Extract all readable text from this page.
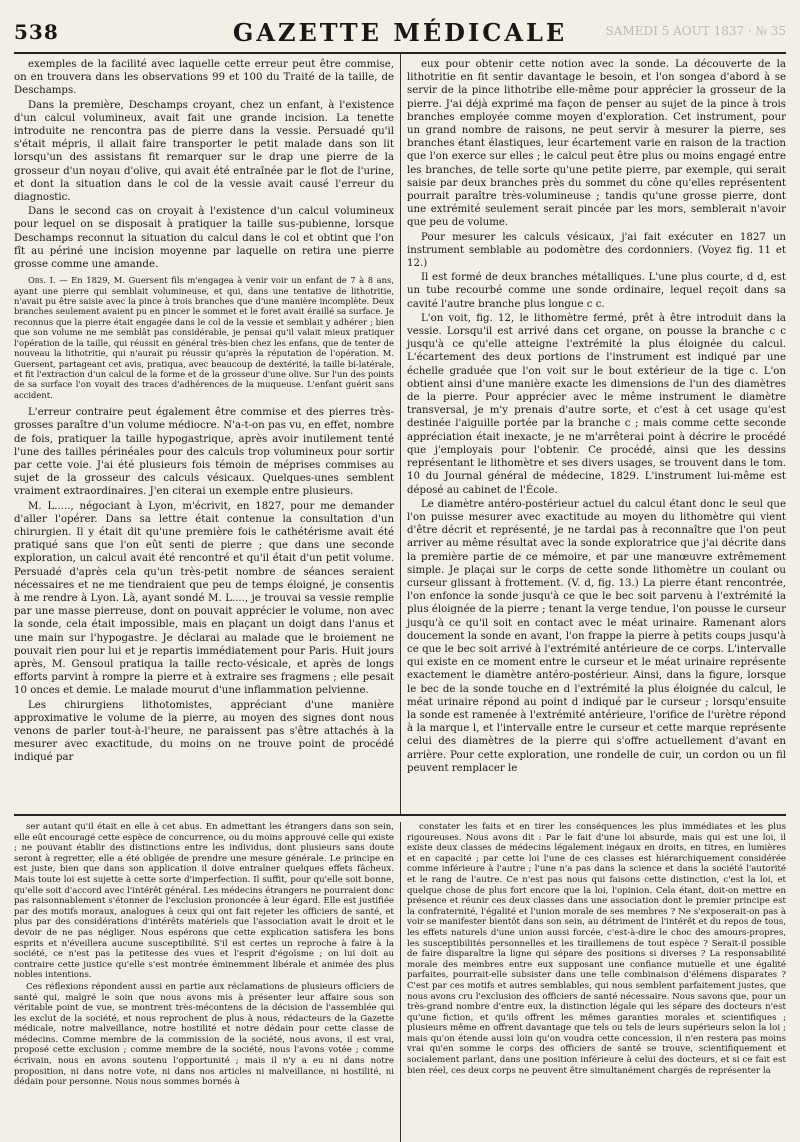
538	GAZETTE MÉDICALE	SAMEDI 5 AOUT 1837 · № 35

exemples de la facilité avec laquelle cette erreur peut être commise, on en trouvera dans les observations 99 et 100 du Traité de la taille, de Deschamps.

Dans la première, Deschamps croyant, chez un enfant, à l'existence d'un calcul volumineux, avait fait une grande incision. La tenette introduite ne rencontra pas de pierre dans la vessie. Persuadé qu'il s'était mépris, il allait faire transporter le petit malade dans son lit lorsqu'un des assistans fit remarquer sur le drap une pierre de la grosseur d'un noyau d'olive, qui avait été entraînée par le flot de l'urine, et dont la situation dans le col de la vessie avait causé l'erreur du diagnostic.

Dans le second cas on croyait à l'existence d'un calcul volumineux pour lequel on se disposait à pratiquer la taille sus-pubienne, lorsque Deschamps reconnut la situation du calcul dans le col et obtint que l'on fît au périné une incision moyenne par laquelle on retira une pierre grosse comme une amande.

Obs. I. — En 1829, M. Guersent fils m'engagea à venir voir un enfant de 7 à 8 ans, ayant une pierre qui semblait volumineuse, et qui, dans une tentative de lithotritie, n'avait pu être saisie avec la pince à trois branches que d'une manière incomplète. Deux branches seulement avaient pu en pincer le sommet et le foret avait éraillé sa surface. Je reconnus que la pierre était engagée dans le col de la vessie et semblait y adhérer ; bien que son volume ne me semblât pas considérable, je pensai qu'il valait mieux pratiquer l'opération de la taille, qui réussit en général très-bien chez les enfans, que de tenter de nouveau la lithotritie, qui n'aurait pu réussir qu'après la réputation de l'opération. M. Guersent, partageant cet avis, pratiqua, avec beaucoup de dextérité, la taille bi-latérale, et fit l'extraction d'un calcul de la forme et de la grosseur d'une olive. Sur l'un des points de sa surface l'on voyait des traces d'adhérences de la muqueuse. L'enfant guérit sans accident.

L'erreur contraire peut également être commise et des pierres très-grosses paraître d'un volume médiocre. N'a-t-on pas vu, en effet, nombre de fois, pratiquer la taille hypogastrique, après avoir inutilement tenté l'une des tailles périnéales pour des calculs trop volumineux pour sortir par cette voie. J'ai été plusieurs fois témoin de méprises commises au sujet de la grosseur des calculs vésicaux. Quelques-unes semblent vraiment extraordinaires. J'en citerai un exemple entre plusieurs.

M. L....., négociant à Lyon, m'écrivit, en 1827, pour me demander d'aller l'opérer. Dans sa lettre était contenue la consultation d'un chirurgien. Il y était dit qu'une première fois le cathétérisme avait été pratiqué sans que l'on eût senti de pierre ; que dans une seconde exploration, un calcul avait été rencontré et qu'il était d'un petit volume. Persuadé d'après cela qu'un très-petit nombre de séances seraient nécessaires et ne me tiendraient que peu de temps éloigné, je consentis à me rendre à Lyon. Là, ayant sondé M. L...., je trouvai sa vessie remplie par une masse pierreuse, dont on pouvait apprécier le volume, non avec la sonde, cela était impossible, mais en plaçant un doigt dans l'anus et une main sur l'hypogastre. Je déclarai au malade que le broiement ne pouvait rien pour lui et je repartis immédiatement pour Paris. Huit jours après, M. Gensoul pratiqua la taille recto-vésicale, et après de longs efforts parvint à rompre la pierre et à extraire ses fragmens ; elle pesait 10 onces et demie. Le malade mourut d'une inflammation pelvienne.

Les chirurgiens lithotomistes, appréciant d'une manière approximative le volume de la pierre, au moyen des signes dont nous venons de parler tout-à-l'heure, ne paraissent pas s'être attachés à la mesurer avec exactitude, du moins on ne trouve point de procédé indiqué par

eux pour obtenir cette notion avec la sonde. La découverte de la lithotritie en fit sentir davantage le besoin, et l'on songea d'abord à se servir de la pince lithotribe elle-même pour apprécier la grosseur de la pierre. J'ai déjà exprimé ma façon de penser au sujet de la pince à trois branches employée comme moyen d'exploration. Cet instrument, pour un grand nombre de raisons, ne peut servir à mesurer la pierre, ses branches étant élastiques, leur écartement varie en raison de la traction que l'on exerce sur elles ; le calcul peut être plus ou moins engagé entre les branches, de telle sorte qu'une petite pierre, par exemple, qui serait saisie par deux branches près du sommet du cône qu'elles représentent pourrait paraître très-volumineuse ; tandis qu'une grosse pierre, dont une extrémité seulement serait pincée par les mors, semblerait n'avoir que peu de volume.

Pour mesurer les calculs vésicaux, j'ai fait exécuter en 1827 un instrument semblable au podomètre des cordonniers. (Voyez fig. 11 et 12.)

Il est formé de deux branches métalliques. L'une plus courte, d d, est un tube recourbé comme une sonde ordinaire, lequel reçoit dans sa cavité l'autre branche plus longue c c.

L'on voit, fig. 12, le lithomètre fermé, prêt à être introduit dans la vessie. Lorsqu'il est arrivé dans cet organe, on pousse la branche c c jusqu'à ce qu'elle atteigne l'extrémité la plus éloignée du calcul. L'écartement des deux portions de l'instrument est indiqué par une échelle graduée que l'on voit sur le bout extérieur de la tige c. L'on obtient ainsi d'une manière exacte les dimensions de l'un des diamètres de la pierre. Pour apprécier avec le même instrument le diamètre transversal, je m'y prenais d'autre sorte, et c'est à cet usage qu'est destinée l'aiguille portée par la branche c ; mais comme cette seconde appréciation était inexacte, je ne m'arrêterai point à décrire le procédé que j'employais pour l'obtenir. Ce procédé, ainsi que les dessins représentant le lithomètre et ses divers usages, se trouvent dans le tom. 10 du Journal général de médecine, 1829. L'instrument lui-même est déposé au cabinet de l'École.

Le diamètre antéro-postérieur actuel du calcul étant donc le seul que l'on puisse mesurer avec exactitude au moyen du lithomètre qui vient d'être décrit et représenté, je ne tardai pas à reconnaître que l'on peut arriver au même résultat avec la sonde exploratrice que j'ai décrite dans la première partie de ce mémoire, et par une manœuvre extrêmement simple. Je plaçai sur le corps de cette sonde lithomètre un coulant ou curseur glissant à frottement. (V. d, fig. 13.) La pierre étant rencontrée, l'on enfonce la sonde jusqu'à ce que le bec soit parvenu à l'extrémité la plus éloignée de la pierre ; tenant la verge tendue, l'on pousse le curseur jusqu'à ce qu'il soit en contact avec le méat urinaire. Ramenant alors doucement la sonde en avant, l'on frappe la pierre à petits coups jusqu'à ce que le bec soit arrivé à l'extrémité antérieure de ce corps. L'intervalle qui existe en ce moment entre le curseur et le méat urinaire représente exactement le diamètre antéro-postérieur. Ainsi, dans la figure, lorsque le bec de la sonde touche en d l'extrémité la plus éloignée du calcul, le méat urinaire répond au point d indiqué par le curseur ; lorsqu'ensuite la sonde est ramenée à l'extrémité antérieure, l'orifice de l'urètre répond à la marque l, et l'intervalle entre le curseur et cette marque représente celui des diamètres de la pierre qui s'offre actuellement d'avant en arrière. Pour cette exploration, une rondelle de cuir, un cordon ou un fil peuvent remplacer le

ser autant qu'il était en elle à cet abus. En admettant les étrangers dans son sein, elle eût encouragé cette espèce de concurrence, ou du moins approuvé celle qui existe ; ne pouvant établir des distinctions entre les individus, dont plusieurs sans doute seront à regretter, elle a été obligée de prendre une mesure générale. Le principe en est juste, bien que dans son application il doive entraîner quelques effets fâcheux. Mais toute loi est sujette à cette sorte d'imperfection. Il suffit, pour qu'elle soit bonne, qu'elle soit d'accord avec l'intérêt général. Les médecins étrangers ne pourraient donc pas raisonnablement s'étonner de l'exclusion prononcée à leur égard. Elle est justifiée par des motifs moraux, analogues à ceux qui ont fait rejeter les officiers de santé, et plus par des considérations d'intérêts matériels que l'association avait le droit et le devoir de ne pas négliger. Nous espérons que cette explication satisfera les bons esprits et n'éveillera aucune susceptibilité. S'il est certes un reproche à faire à la société, ce n'est pas la petitesse des vues et l'esprit d'égoïsme ; on lui doit au contraire cette justice qu'elle s'est montrée éminemment libérale et animée des plus nobles intentions.

Ces réflexions répondent aussi en partie aux réclamations de plusieurs officiers de santé qui, malgré le soin que nous avons mis à présenter leur affaire sous son véritable point de vue, se montrent très-mécontens de la décision de l'assemblée qui les exclut de la société, et nous reprochent de plus à nous, rédacteurs de la Gazette médicale, notre malveillance, notre hostilité et notre dédain pour cette classe de médecins. Comme membre de la commission de la société, nous avons, il est vrai, proposé cette exclusion ; comme membre de la société, nous l'avons votée ; comme écrivain, nous en avons soutenu l'opportunité ; mais il n'y a eu ni dans notre proposition, ni dans notre vote, ni dans nos articles ni malveillance, ni hostilité, ni dédain pour personne. Nous nous sommes bornés à

constater les faits et en tirer les conséquences les plus immédiates et les plus rigoureuses. Nous avons dit : Par le fait d'une loi absurde, mais qui est une loi, il existe deux classes de médecins légalement inégaux en droits, en titres, en lumières et en capacité ; par cette loi l'une de ces classes est hiérarchiquement considérée comme inférieure à l'autre ; l'une n'a pas dans la science et dans la société l'autorité et le rang de l'autre. Ce n'est pas nous qui faisons cette distinction, c'est la loi, et quelque chose de plus fort encore que la loi, l'opinion. Cela étant, doit-on mettre en présence et réunir ces deux classes dans une association dont le premier principe est la confraternité, l'égalité et l'union morale de ses membres ? Ne s'exposerait-on pas à voir se manifester bientôt dans son sein, au détriment de l'intérêt et du repos de tous, les effets naturels d'une union aussi forcée, c'est-à-dire le choc des amours-propres, les susceptibilités personnelles et les tiraillemens de tout espèce ? Serait-il possible de faire disparaître la ligne qui sépare des positions si diverses ? La responsabilité morale des membres entre eux supposant une confiance mutuelle et une égalité parfaites, pourrait-elle subsister dans une telle combinaison d'élémens disparates ? C'est par ces motifs et autres semblables, qui nous semblent parfaitement justes, que nous avons cru l'exclusion des officiers de santé nécessaire. Nous savons que, pour un très-grand nombre d'entre eux, la distinction légale qui les sépare des docteurs n'est qu'une fiction, et qu'ils offrent les mêmes garanties morales et scientifiques ; plusieurs même en offrent davantage que tels ou tels de leurs supérieurs selon la loi ; mais qu'on étende aussi loin qu'on voudra cette concession, il n'en restera pas moins vrai qu'en somme le corps des officiers de santé se trouve, scientifiquement et socialement parlant, dans une position inférieure à celui des docteurs, et si ce fait est bien réel, ces deux corps ne peuvent être simultanément chargés de représenter la
